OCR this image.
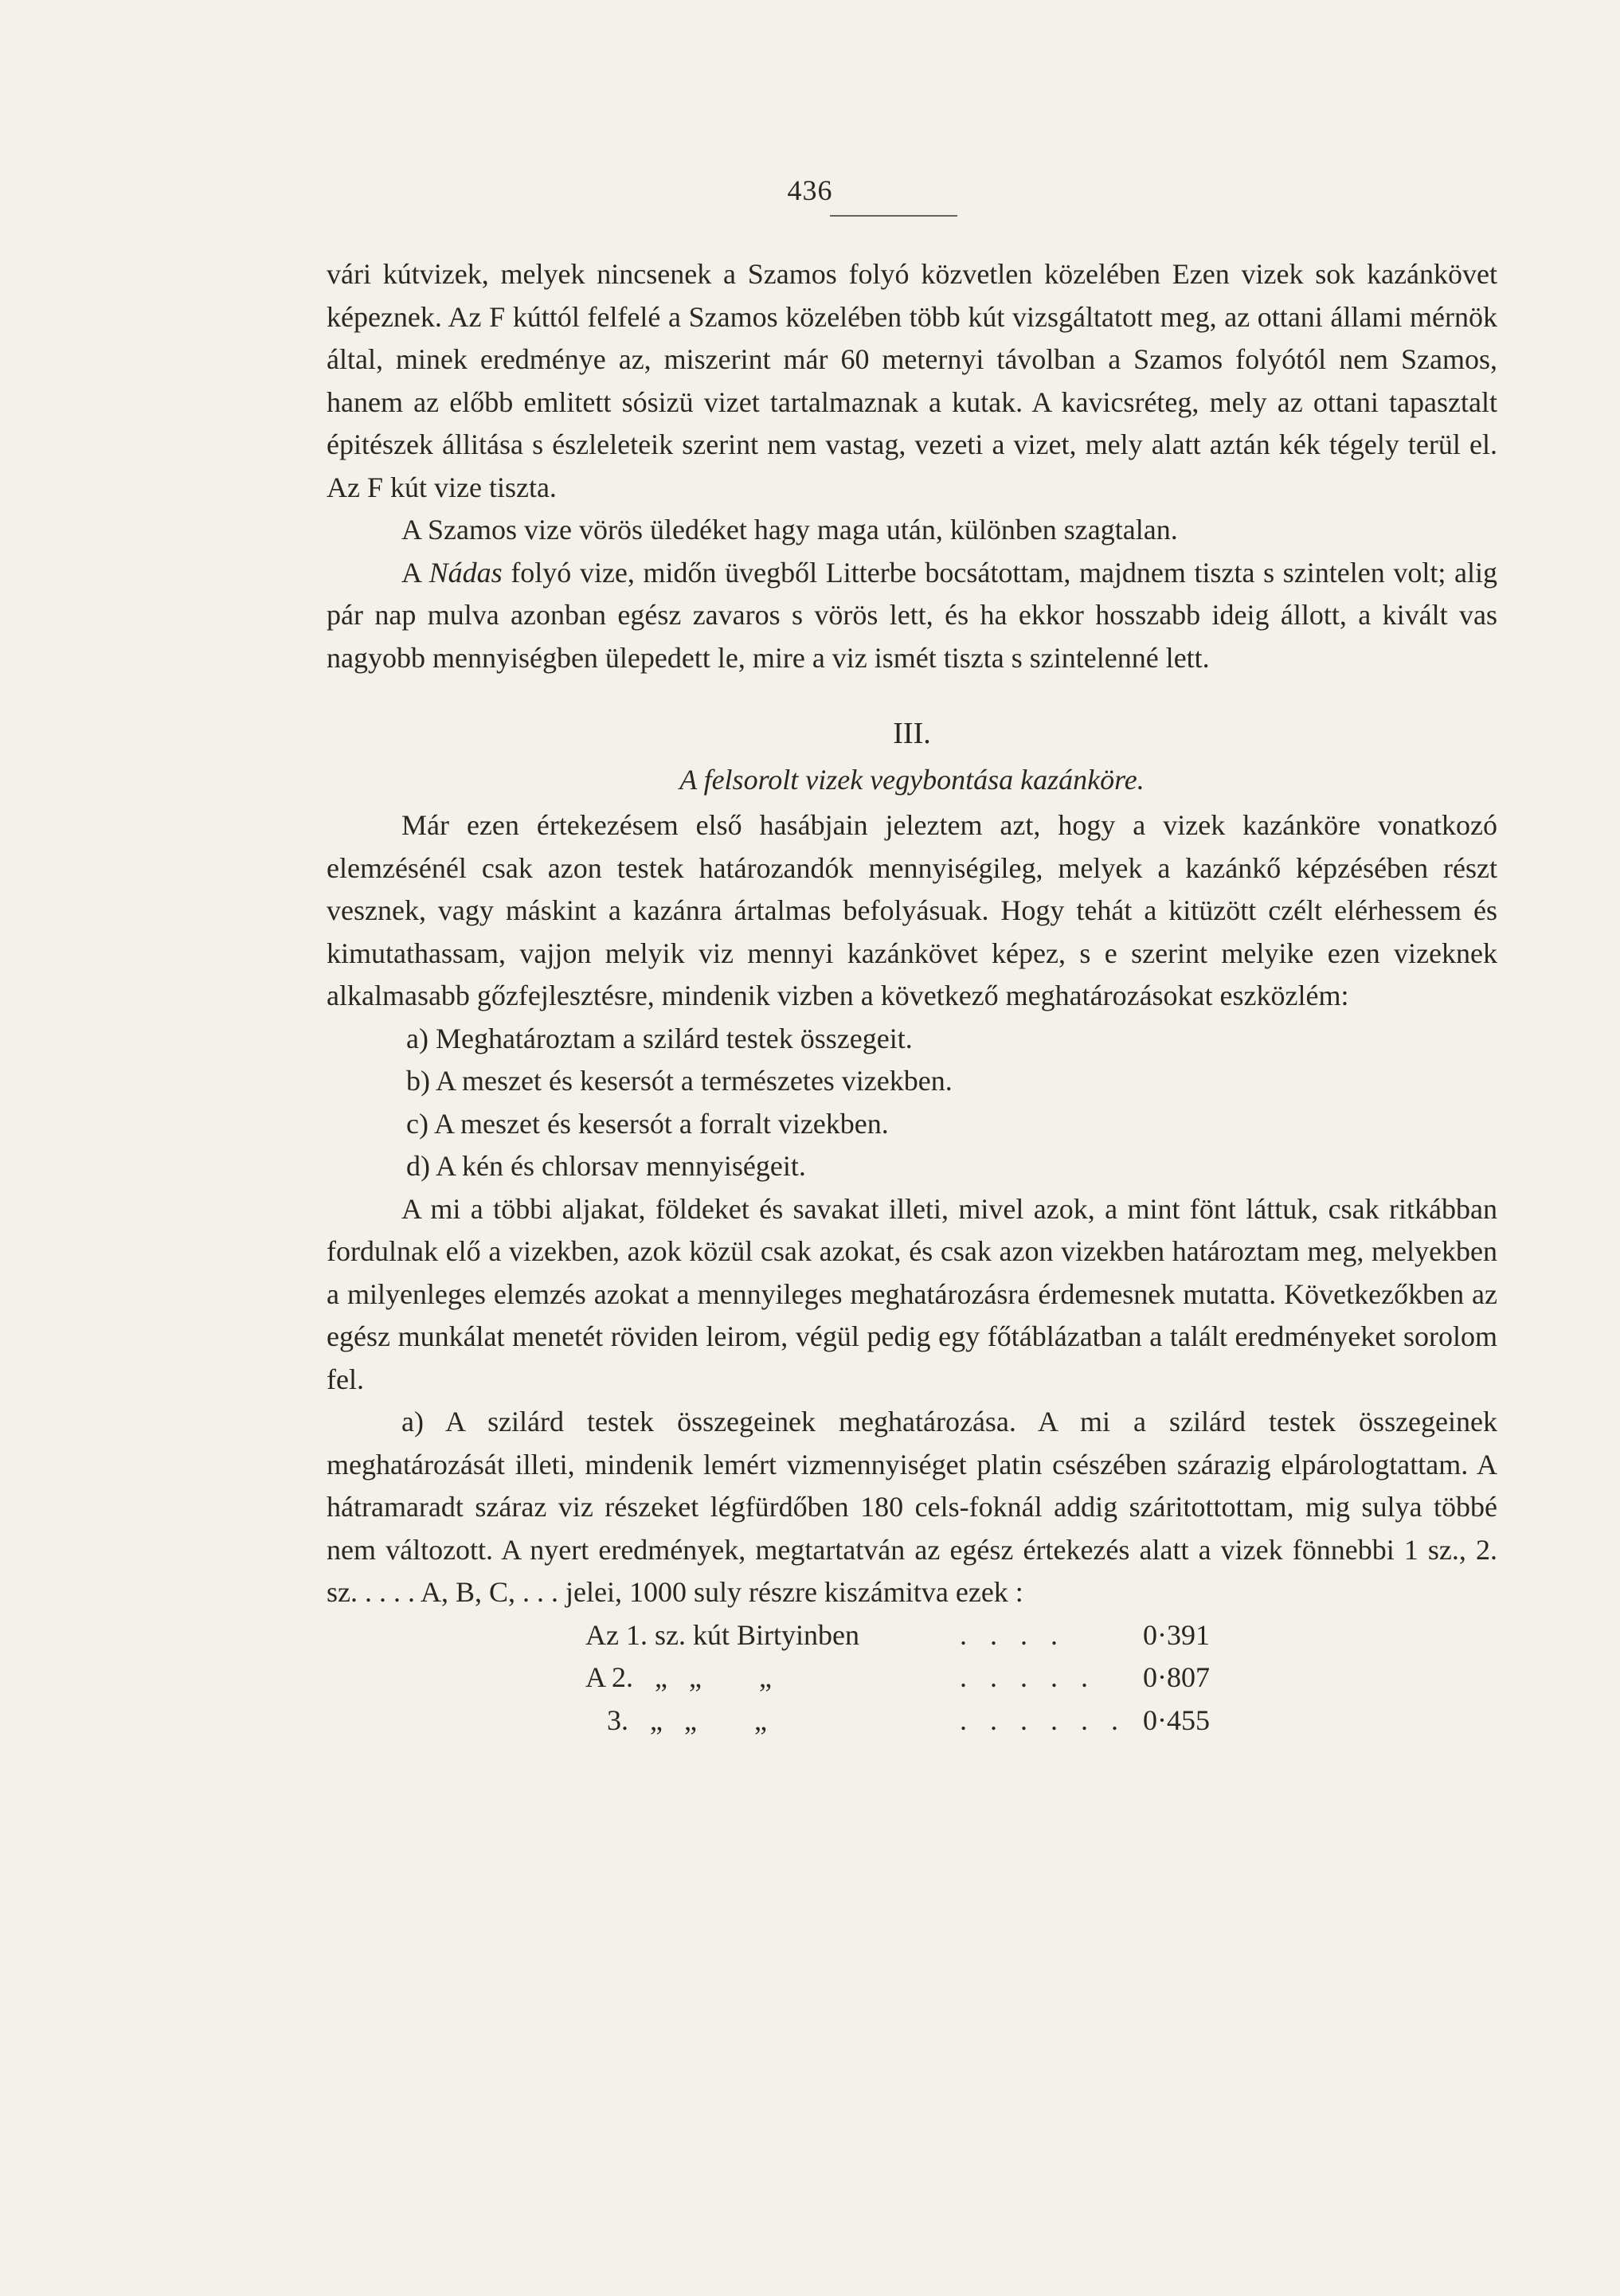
436

vári kútvizek, melyek nincsenek a Szamos folyó közvetlen közelében Ezen vizek sok kazánkövet képeznek. Az F kúttól felfelé a Szamos közelében több kút vizsgáltatott meg, az ottani állami mérnök által, minek eredménye az, miszerint már 60 meternyi távolban a Szamos folyótól nem Szamos, hanem az előbb emlitett sósizü vizet tartalmaznak a kutak. A kavicsréteg, mely az ottani tapasztalt épitészek állitása s észleleteik szerint nem vastag, vezeti a vizet, mely alatt aztán kék tégely terül el. Az F kút vize tiszta.

A Szamos vize vörös üledéket hagy maga után, különben szagtalan.

A Nádas folyó vize, midőn üvegből Litterbe bocsátottam, majdnem tiszta s szintelen volt; alig pár nap mulva azonban egész zavaros s vörös lett, és ha ekkor hosszabb ideig állott, a kivált vas nagyobb mennyiségben ülepedett le, mire a viz ismét tiszta s szintelenné lett.

III.

A felsorolt vizek vegybontása kazánköre.

Már ezen értekezésem első hasábjain jeleztem azt, hogy a vizek kazánköre vonatkozó elemzésénél csak azon testek határozandók mennyiségileg, melyek a kazánkő képzésében részt vesznek, vagy máskint a kazánra ártalmas befolyásuak. Hogy tehát a kitüzött czélt elérhessem és kimutathassam, vajjon melyik viz mennyi kazánkövet képez, s e szerint melyike ezen vizeknek alkalmasabb gőzfejlesztésre, mindenik vizben a következő meghatározásokat eszközlém:

a) Meghatároztam a szilárd testek összegeit.

b) A meszet és kesersót a természetes vizekben.

c) A meszet és kesersót a forralt vizekben.

d) A kén és chlorsav mennyiségeit.

A mi a többi aljakat, földeket és savakat illeti, mivel azok, a mint fönt láttuk, csak ritkábban fordulnak elő a vizekben, azok közül csak azokat, és csak azon vizekben határoztam meg, melyekben a milyenleges elemzés azokat a mennyileges meghatározásra érdemesnek mutatta. Következőkben az egész munkálat menetét röviden leirom, végül pedig egy főtáblázatban a talált eredményeket sorolom fel.

a) A szilárd testek összegeinek meghatározása. A mi a szilárd testek összegeinek meghatározását illeti, mindenik lemért vizmennyiséget platin csészében szárazig elpárologtattam. A hátramaradt száraz viz részeket légfürdőben 180 cels-foknál addig száritottottam, mig sulya többé nem változott. A nyert eredmények, megtartatván az egész értekezés alatt a vizek fönnebbi 1 sz., 2. sz. . . . . A, B, C, . . . jelei, 1000 suly részre kiszámitva ezek :

Az 1. sz. kút Birtyinben	. . . .	0·391
A 2.   „   „        „	. . . . .	0·807
3.   „   „        „	. . . . . . 0·455
